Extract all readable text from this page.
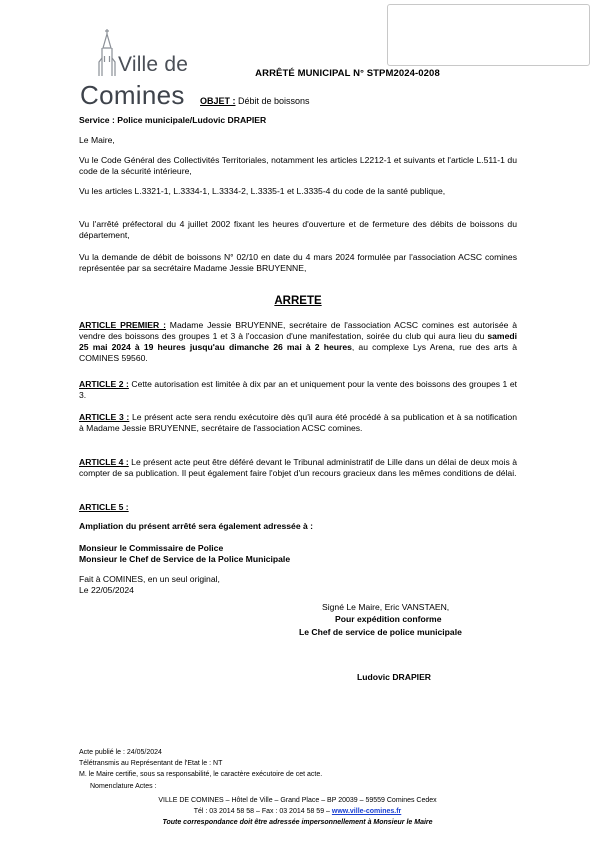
Ville de
Comines
ARRÊTÉ MUNICIPAL N° STPM2024-0208
OBJET : Débit de boissons

Service : Police municipale/Ludovic DRAPIER

Le Maire,

Vu le Code Général des Collectivités Territoriales, notamment les articles L2212-1 et suivants et l'article L.511-1 du code de la sécurité intérieure,

Vu les articles L.3321-1, L.3334-1, L.3334-2, L.3335-1 et L.3335-4 du code de la santé publique,

Vu l'arrêté préfectoral du 4 juillet 2002 fixant les heures d'ouverture et de fermeture des débits de boissons du département,

Vu la demande de débit de boissons N° 02/10 en date du 4 mars 2024 formulée par l'association ACSC comines représentée par sa secrétaire Madame Jessie BRUYENNE,

ARRETE

ARTICLE PREMIER : Madame Jessie BRUYENNE, secrétaire de l'association ACSC comines est autorisée à vendre des boissons des groupes 1 et 3 à l'occasion d'une manifestation, soirée du club qui aura lieu du samedi 25 mai 2024 à 19 heures jusqu'au dimanche 26 mai à 2 heures, au complexe Lys Arena, rue des arts à COMINES 59560.

ARTICLE 2 : Cette autorisation est limitée à dix par an et uniquement pour la vente des boissons des groupes 1 et 3.

ARTICLE 3 : Le présent acte sera rendu exécutoire dès qu'il aura été procédé à sa publication et à sa notification à Madame Jessie BRUYENNE, secrétaire de l'association ACSC comines.

ARTICLE 4 : Le présent acte peut être déféré devant le Tribunal administratif de Lille dans un délai de deux mois à compter de sa publication. Il peut également faire l'objet d'un recours gracieux dans les mêmes conditions de délai.

ARTICLE 5 :

Ampliation du présent arrêté sera également adressée à :

Monsieur le Commissaire de Police

Monsieur le Chef de Service de la Police Municipale

Fait à COMINES, en un seul original,

Le 22/05/2024

Signé Le Maire, Eric VANSTAEN,
Pour expédition conforme
Le Chef de service de police municipale
Ludovic DRAPIER
Acte publié le : 24/05/2024
Télétransmis au Représentant de l'Etat le : NT
M. le Maire certifie, sous sa responsabilité, le caractère exécutoire de cet acte.
Nomenclature Actes :
VILLE DE COMINES – Hôtel de Ville – Grand Place – BP 20039 – 59559 Comines Cedex
Tél : 03 2014 58 58 – Fax : 03 2014 58 59 – www.ville-comines.fr
Toute correspondance doit être adressée impersonnellement à Monsieur le Maire
